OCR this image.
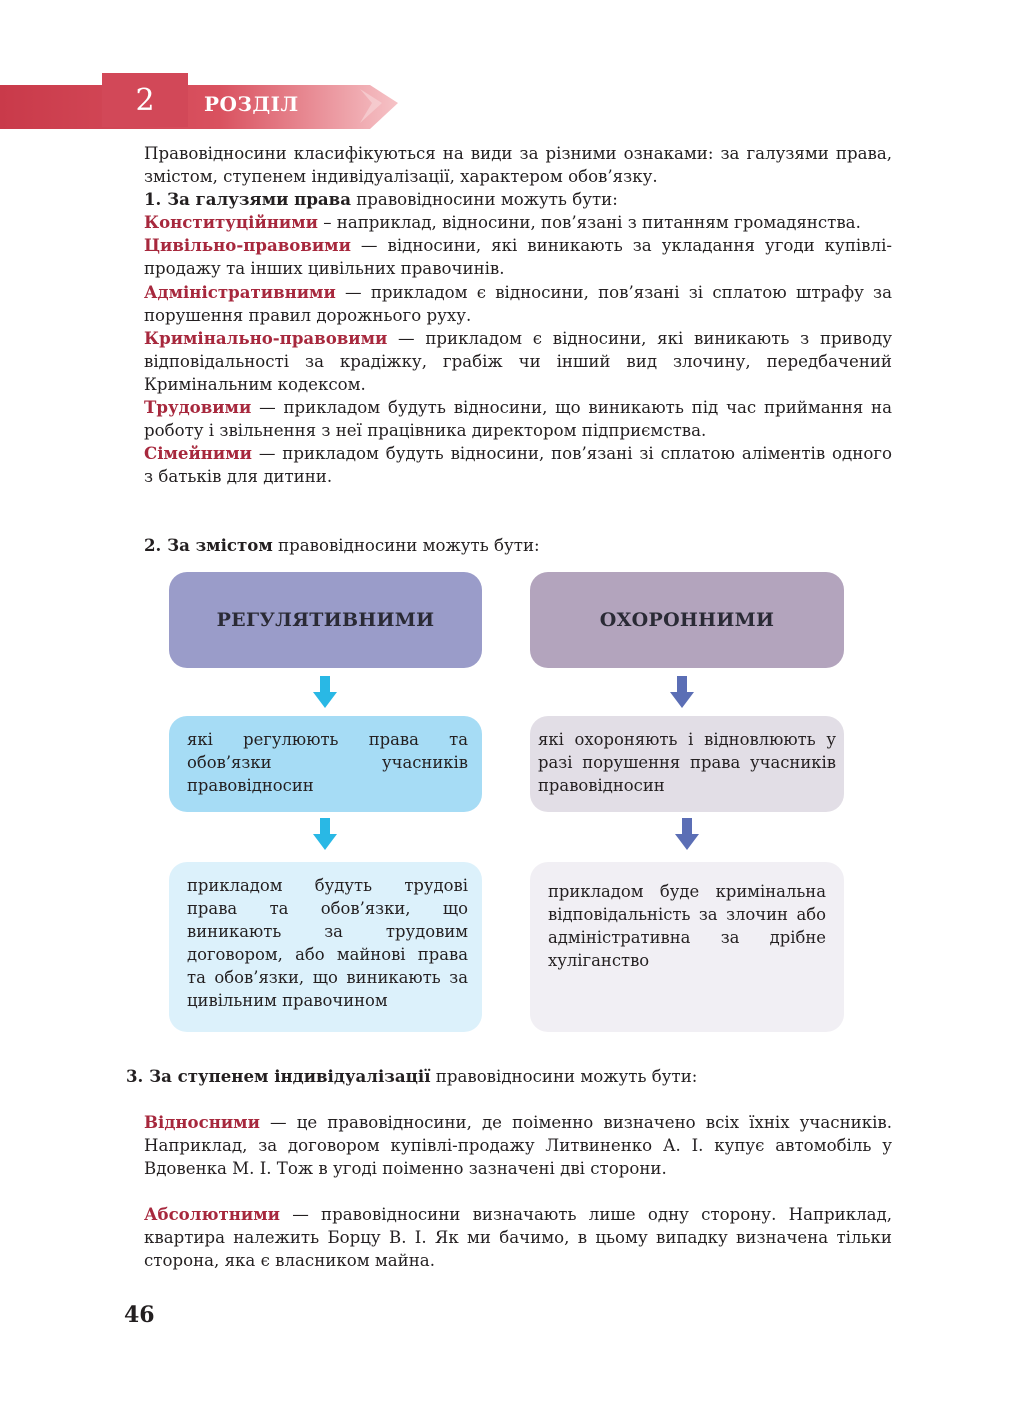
2	РОЗДІЛ
Правовідносини класифікуються на види за різними ознаками: за галузями права, змістом, ступенем індивідуалізації, характером обов’язку.
1. За галузями права правовідносини можуть бути:
Конституційними – наприклад, відносини, пов’язані з питанням громадянства.
Цивільно-правовими — відносини, які виникають за укладання угоди купівлі-продажу та інших цивільних правочинів.
Адміністративними — прикладом є відносини, пов’язані зі сплатою штрафу за порушення правил дорожнього руху.
Кримінально-правовими — прикладом є відносини, які виникають з приводу відповідальності за крадіжку, грабіж чи інший вид злочину, передбачений Кримінальним кодексом.
Трудовими — прикладом будуть відносини, що виникають під час приймання на роботу і звільнення з неї працівника директором підприємства.
Сімейними — прикладом будуть відносини, пов’язані зі сплатою аліментів одного з батьків для дитини.
2. За змістом правовідносини можуть бути:
РЕГУЛЯТИВНИМИ
які регулюють права та обов’язки учасників правовідносин
прикладом будуть трудові права та обов’язки, що виникають за трудовим договором, або майнові права та обов’язки, що виникають за цивільним правочином
ОХОРОННИМИ
які охороняють і відновлюють у разі порушення права учасників правовідносин
прикладом буде кримінальна відповідальність за злочин або адміністративна за дрібне хуліганство
3. За ступенем індивідуалізації правовідносини можуть бути:
Відносними — це правовідносини, де поіменно визначено всіх їхніх учасників. Наприклад, за договором купівлі-продажу Литвиненко А. І. купує автомобіль у Вдовенка М. І. Тож в угоді поіменно зазначені дві сторони.
Абсолютними — правовідносини визначають лише одну сторону. Наприклад, квартира належить Борцу В. І. Як ми бачимо, в цьому випадку визначена тільки сторона, яка є власником майна.
46
